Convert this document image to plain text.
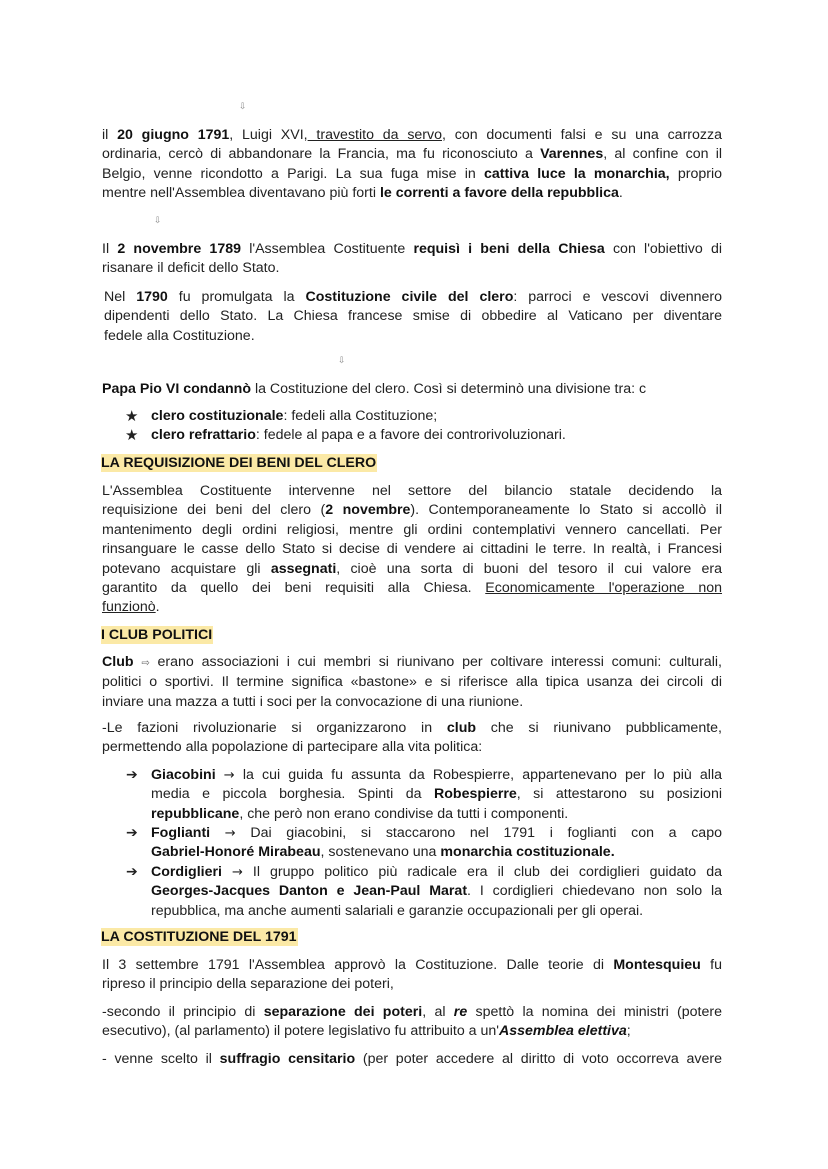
⇩
il 20 giugno 1791, Luigi XVI, travestito da servo, con documenti falsi e su una carrozza
ordinaria, cercò di abbandonare la Francia, ma fu riconosciuto a Varennes, al confine con il
Belgio, venne ricondotto a Parigi. La sua fuga mise in cattiva luce la monarchia, proprio
mentre nell'Assemblea diventavano più forti le correnti a favore della repubblica.
⇩
Il 2 novembre 1789 l'Assemblea Costituente requisì i beni della Chiesa con l'obiettivo di
risanare il deficit dello Stato.
Nel 1790 fu promulgata la Costituzione civile del clero: parroci e vescovi divennero
dipendenti dello Stato. La Chiesa francese smise di obbedire al Vaticano per diventare
fedele alla Costituzione.
⇩
Papa Pio VI condannò la Costituzione del clero. Così si determinò una divisione tra: c
★ clero costituzionale: fedeli alla Costituzione;
★ clero refrattario: fedele al papa e a favore dei controrivoluzionari.
LA REQUISIZIONE DEI BENI DEL CLERO
L'Assemblea Costituente intervenne nel settore del bilancio statale decidendo la
requisizione dei beni del clero (2 novembre). Contemporaneamente lo Stato si accollò il
mantenimento degli ordini religiosi, mentre gli ordini contemplativi vennero cancellati. Per
rinsanguare le casse dello Stato si decise di vendere ai cittadini le terre. In realtà, i Francesi
potevano acquistare gli assegnati, cioè una sorta di buoni del tesoro il cui valore era
garantito da quello dei beni requisiti alla Chiesa. Economicamente l'operazione non
funzionò.
I CLUB POLITICI
Club ⇨ erano associazioni i cui membri si riunivano per coltivare interessi comuni: culturali,
politici o sportivi. Il termine significa «bastone» e si riferisce alla tipica usanza dei circoli di
inviare una mazza a tutti i soci per la convocazione di una riunione.
-Le fazioni rivoluzionarie si organizzarono in club che si riunivano pubblicamente,
permettendo alla popolazione di partecipare alla vita politica:
➔ Giacobini → la cui guida fu assunta da Robespierre, appartenevano per lo più alla
media e piccola borghesia. Spinti da Robespierre, si attestarono su posizioni
repubblicane, che però non erano condivise da tutti i componenti.
➔ Foglianti → Dai giacobini, si staccarono nel 1791 i foglianti con a capo
Gabriel-Honoré Mirabeau, sostenevano una monarchia costituzionale.
➔ Cordiglieri → Il gruppo politico più radicale era il club dei cordiglieri guidato da
Georges-Jacques Danton e Jean-Paul Marat. I cordiglieri chiedevano non solo la
repubblica, ma anche aumenti salariali e garanzie occupazionali per gli operai.
LA COSTITUZIONE DEL 1791
Il 3 settembre 1791 l'Assemblea approvò la Costituzione. Dalle teorie di Montesquieu fu
ripreso il principio della separazione dei poteri,
-secondo il principio di separazione dei poteri, al re spettò la nomina dei ministri (potere
esecutivo), (al parlamento) il potere legislativo fu attribuito a un'Assemblea elettiva;
- venne scelto il suffragio censitario (per poter accedere al diritto di voto occorreva avere
